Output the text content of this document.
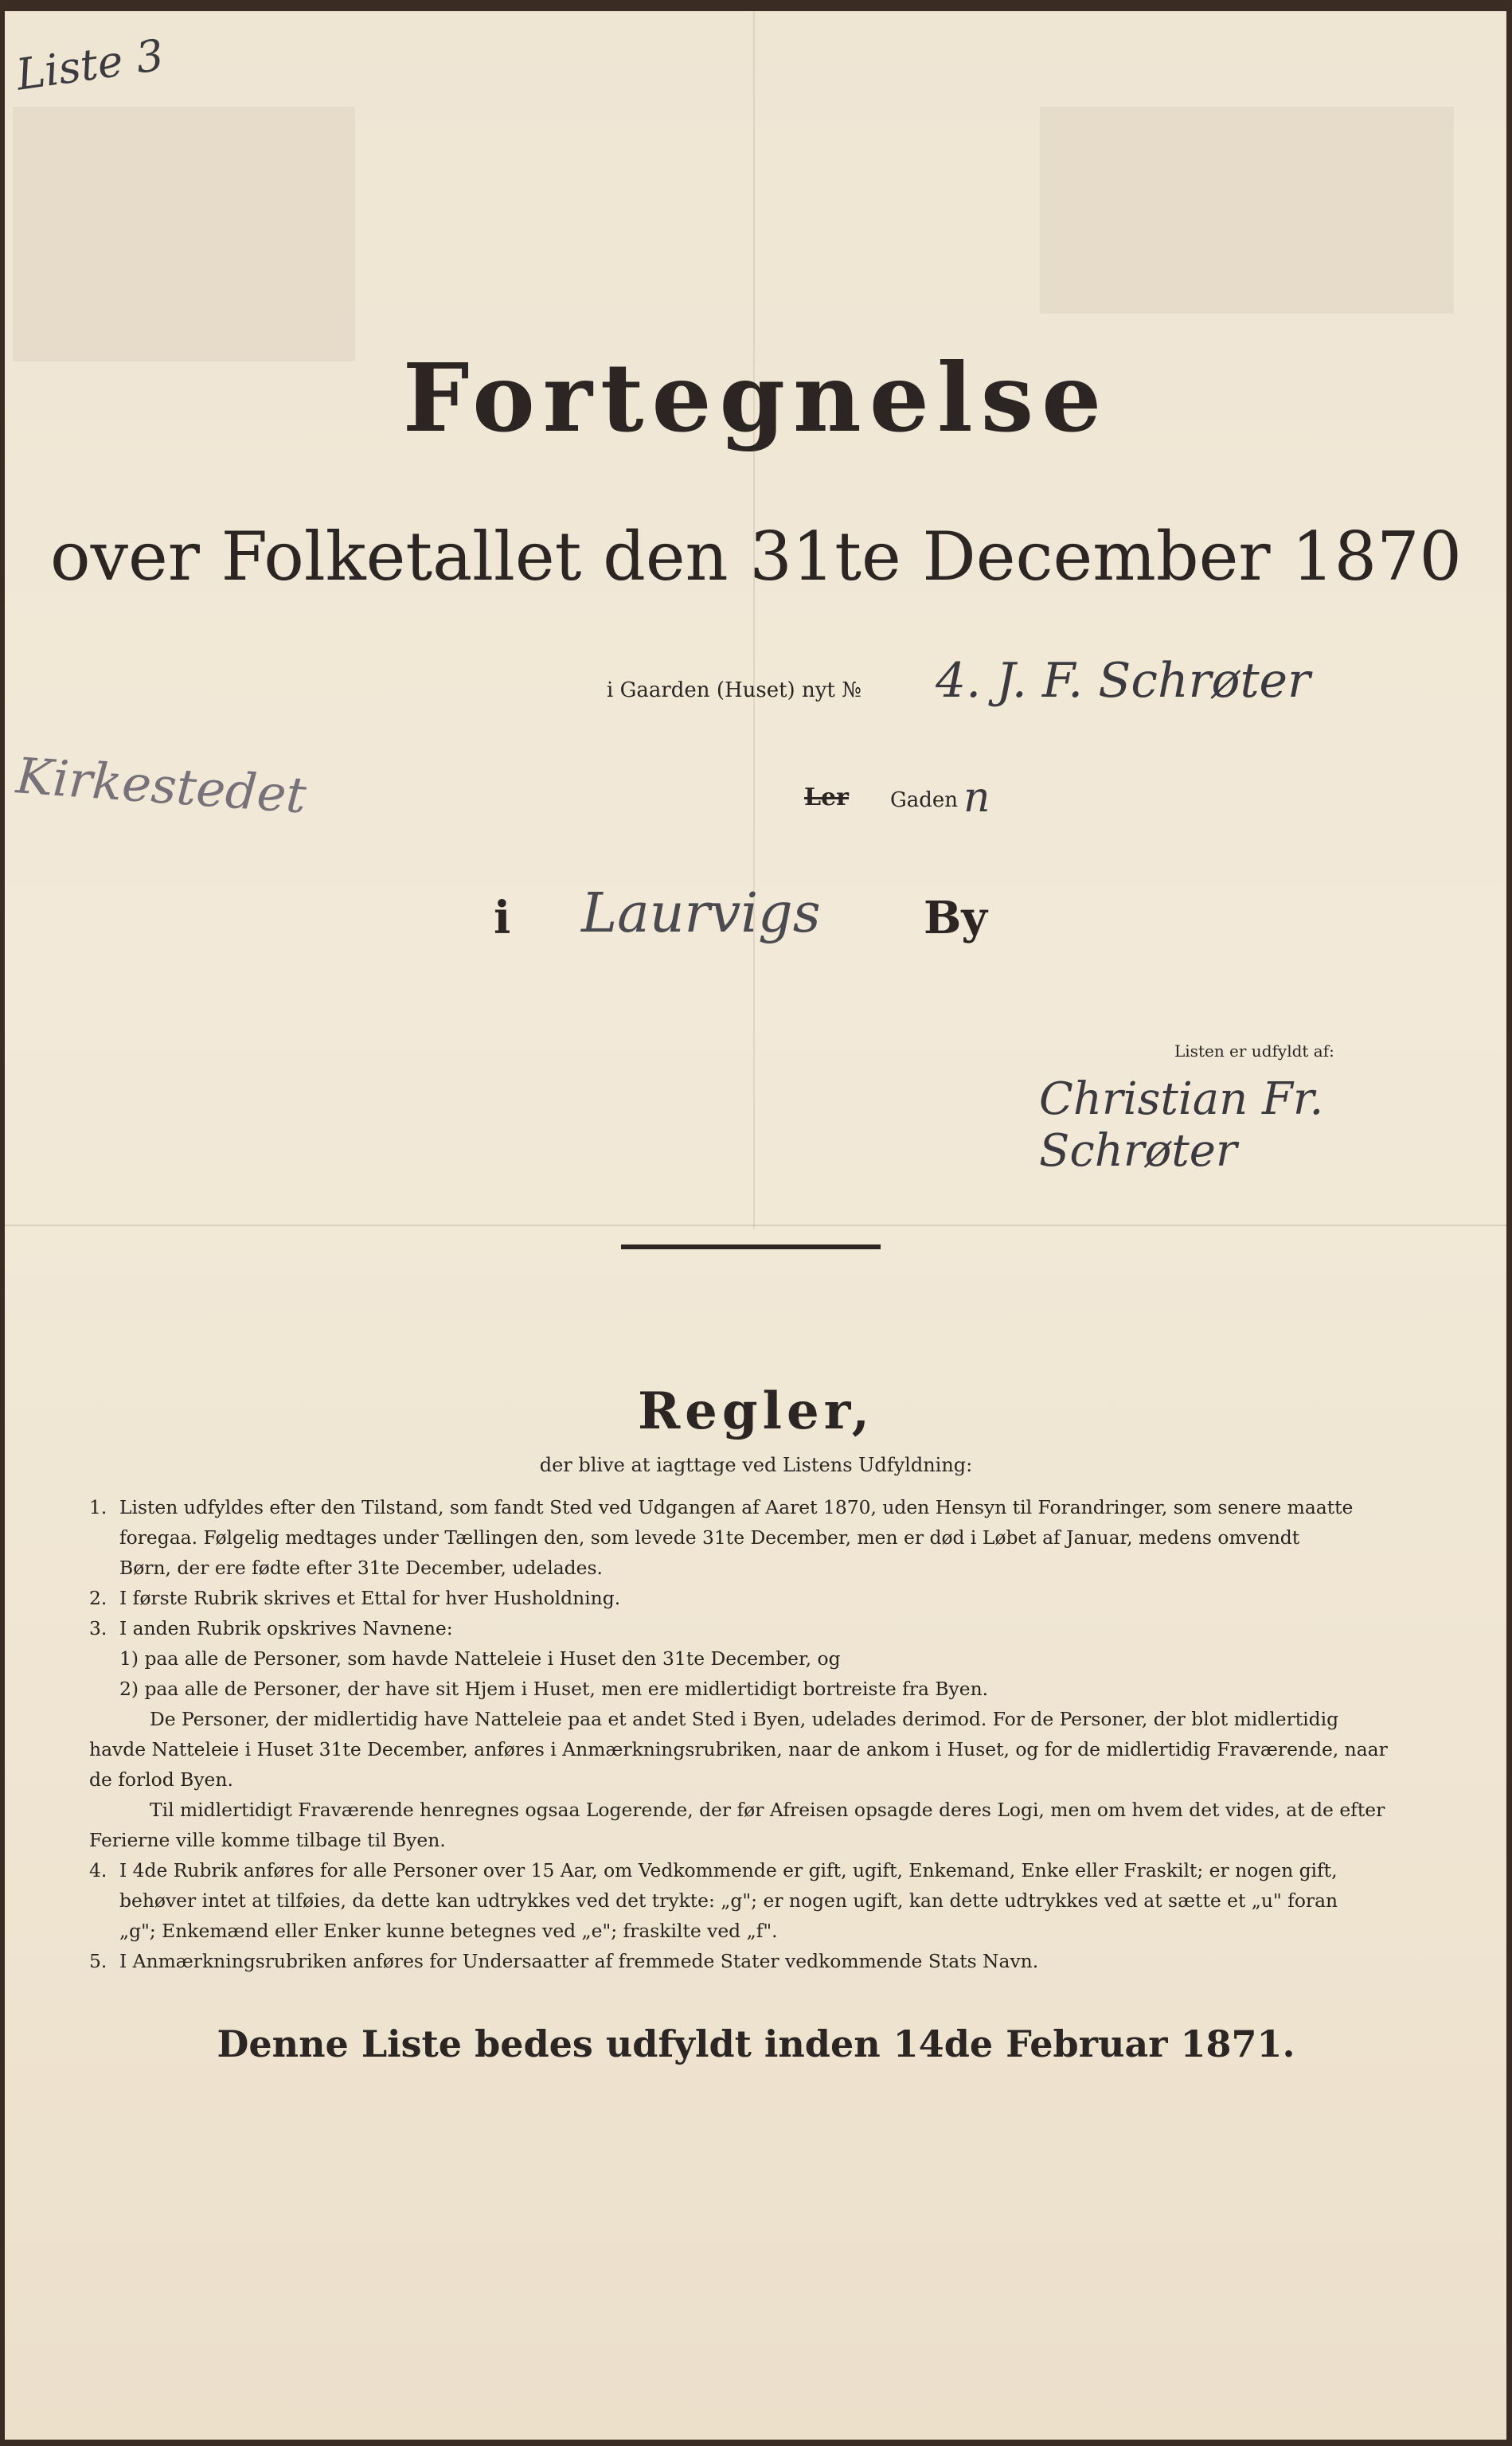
Liste 3
Fortegnelse
over Folketallet den 31te December 1870
i Gaarden (Huset) nyt № 4. J. F. Schrøter
Kirkestedet	Ler Gaden n
i Laurvigs By
Listen er udfyldt af:
Christian Fr. Schrøter
Regler,
der blive at iagttage ved Listens Udfyldning:

1. Listen udfyldes efter den Tilstand, som fandt Sted ved Udgangen af Aaret 1870, uden Hensyn til Forandringer, som senere maatte

foregaa. Følgelig medtages under Tællingen den, som levede 31te December, men er død i Løbet af Januar, medens omvendt

Børn, der ere fødte efter 31te December, udelades.

2. I første Rubrik skrives et Ettal for hver Husholdning.

3. I anden Rubrik opskrives Navnene:

1) paa alle de Personer, som havde Natteleie i Huset den 31te December, og

2) paa alle de Personer, der have sit Hjem i Huset, men ere midlertidigt bortreiste fra Byen.

De Personer, der midlertidig have Natteleie paa et andet Sted i Byen, udelades derimod. For de Personer, der blot midlertidig

havde Natteleie i Huset 31te December, anføres i Anmærkningsrubriken, naar de ankom i Huset, og for de midlertidig Fraværende, naar

de forlod Byen.

Til midlertidigt Fraværende henregnes ogsaa Logerende, der før Afreisen opsagde deres Logi, men om hvem det vides, at de efter

Ferierne ville komme tilbage til Byen.

4. I 4de Rubrik anføres for alle Personer over 15 Aar, om Vedkommende er gift, ugift, Enkemand, Enke eller Fraskilt; er nogen gift,

behøver intet at tilføies, da dette kan udtrykkes ved det trykte: „g"; er nogen ugift, kan dette udtrykkes ved at sætte et „u" foran

„g"; Enkemænd eller Enker kunne betegnes ved „e"; fraskilte ved „f".

5. I Anmærkningsrubriken anføres for Undersaatter af fremmede Stater vedkommende Stats Navn.

Denne Liste bedes udfyldt inden 14de Februar 1871.
